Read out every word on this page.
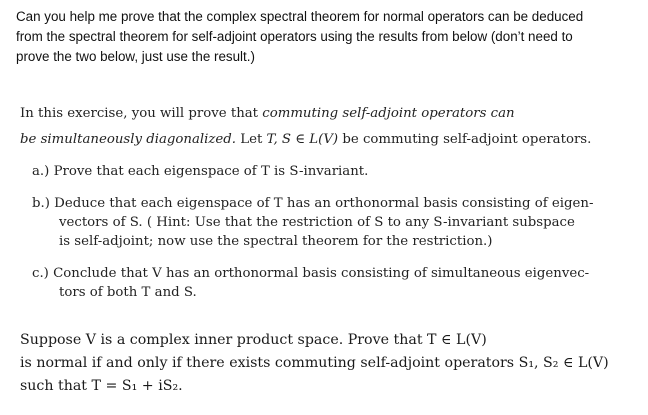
Can you help me prove that the complex spectral theorem for normal operators can be deduced
from the spectral theorem for self-adjoint operators using the results from below (don’t need to
prove the two below, just use the result.)
In this exercise, you will prove that commuting self-adjoint operators can
be simultaneously diagonalized. Let T, S ∈ L(V) be commuting self-adjoint operators.
a.) Prove that each eigenspace of T is S-invariant.
b.) Deduce that each eigenspace of T has an orthonormal basis consisting of eigen-
vectors of S. ( Hint: Use that the restriction of S to any S-invariant subspace
is self-adjoint; now use the spectral theorem for the restriction.)
c.) Conclude that V has an orthonormal basis consisting of simultaneous eigenvec-
tors of both T and S.
Suppose V is a complex inner product space. Prove that T ∈ L(V)
is normal if and only if there exists commuting self-adjoint operators S₁, S₂ ∈ L(V)
such that T = S₁ + iS₂.
